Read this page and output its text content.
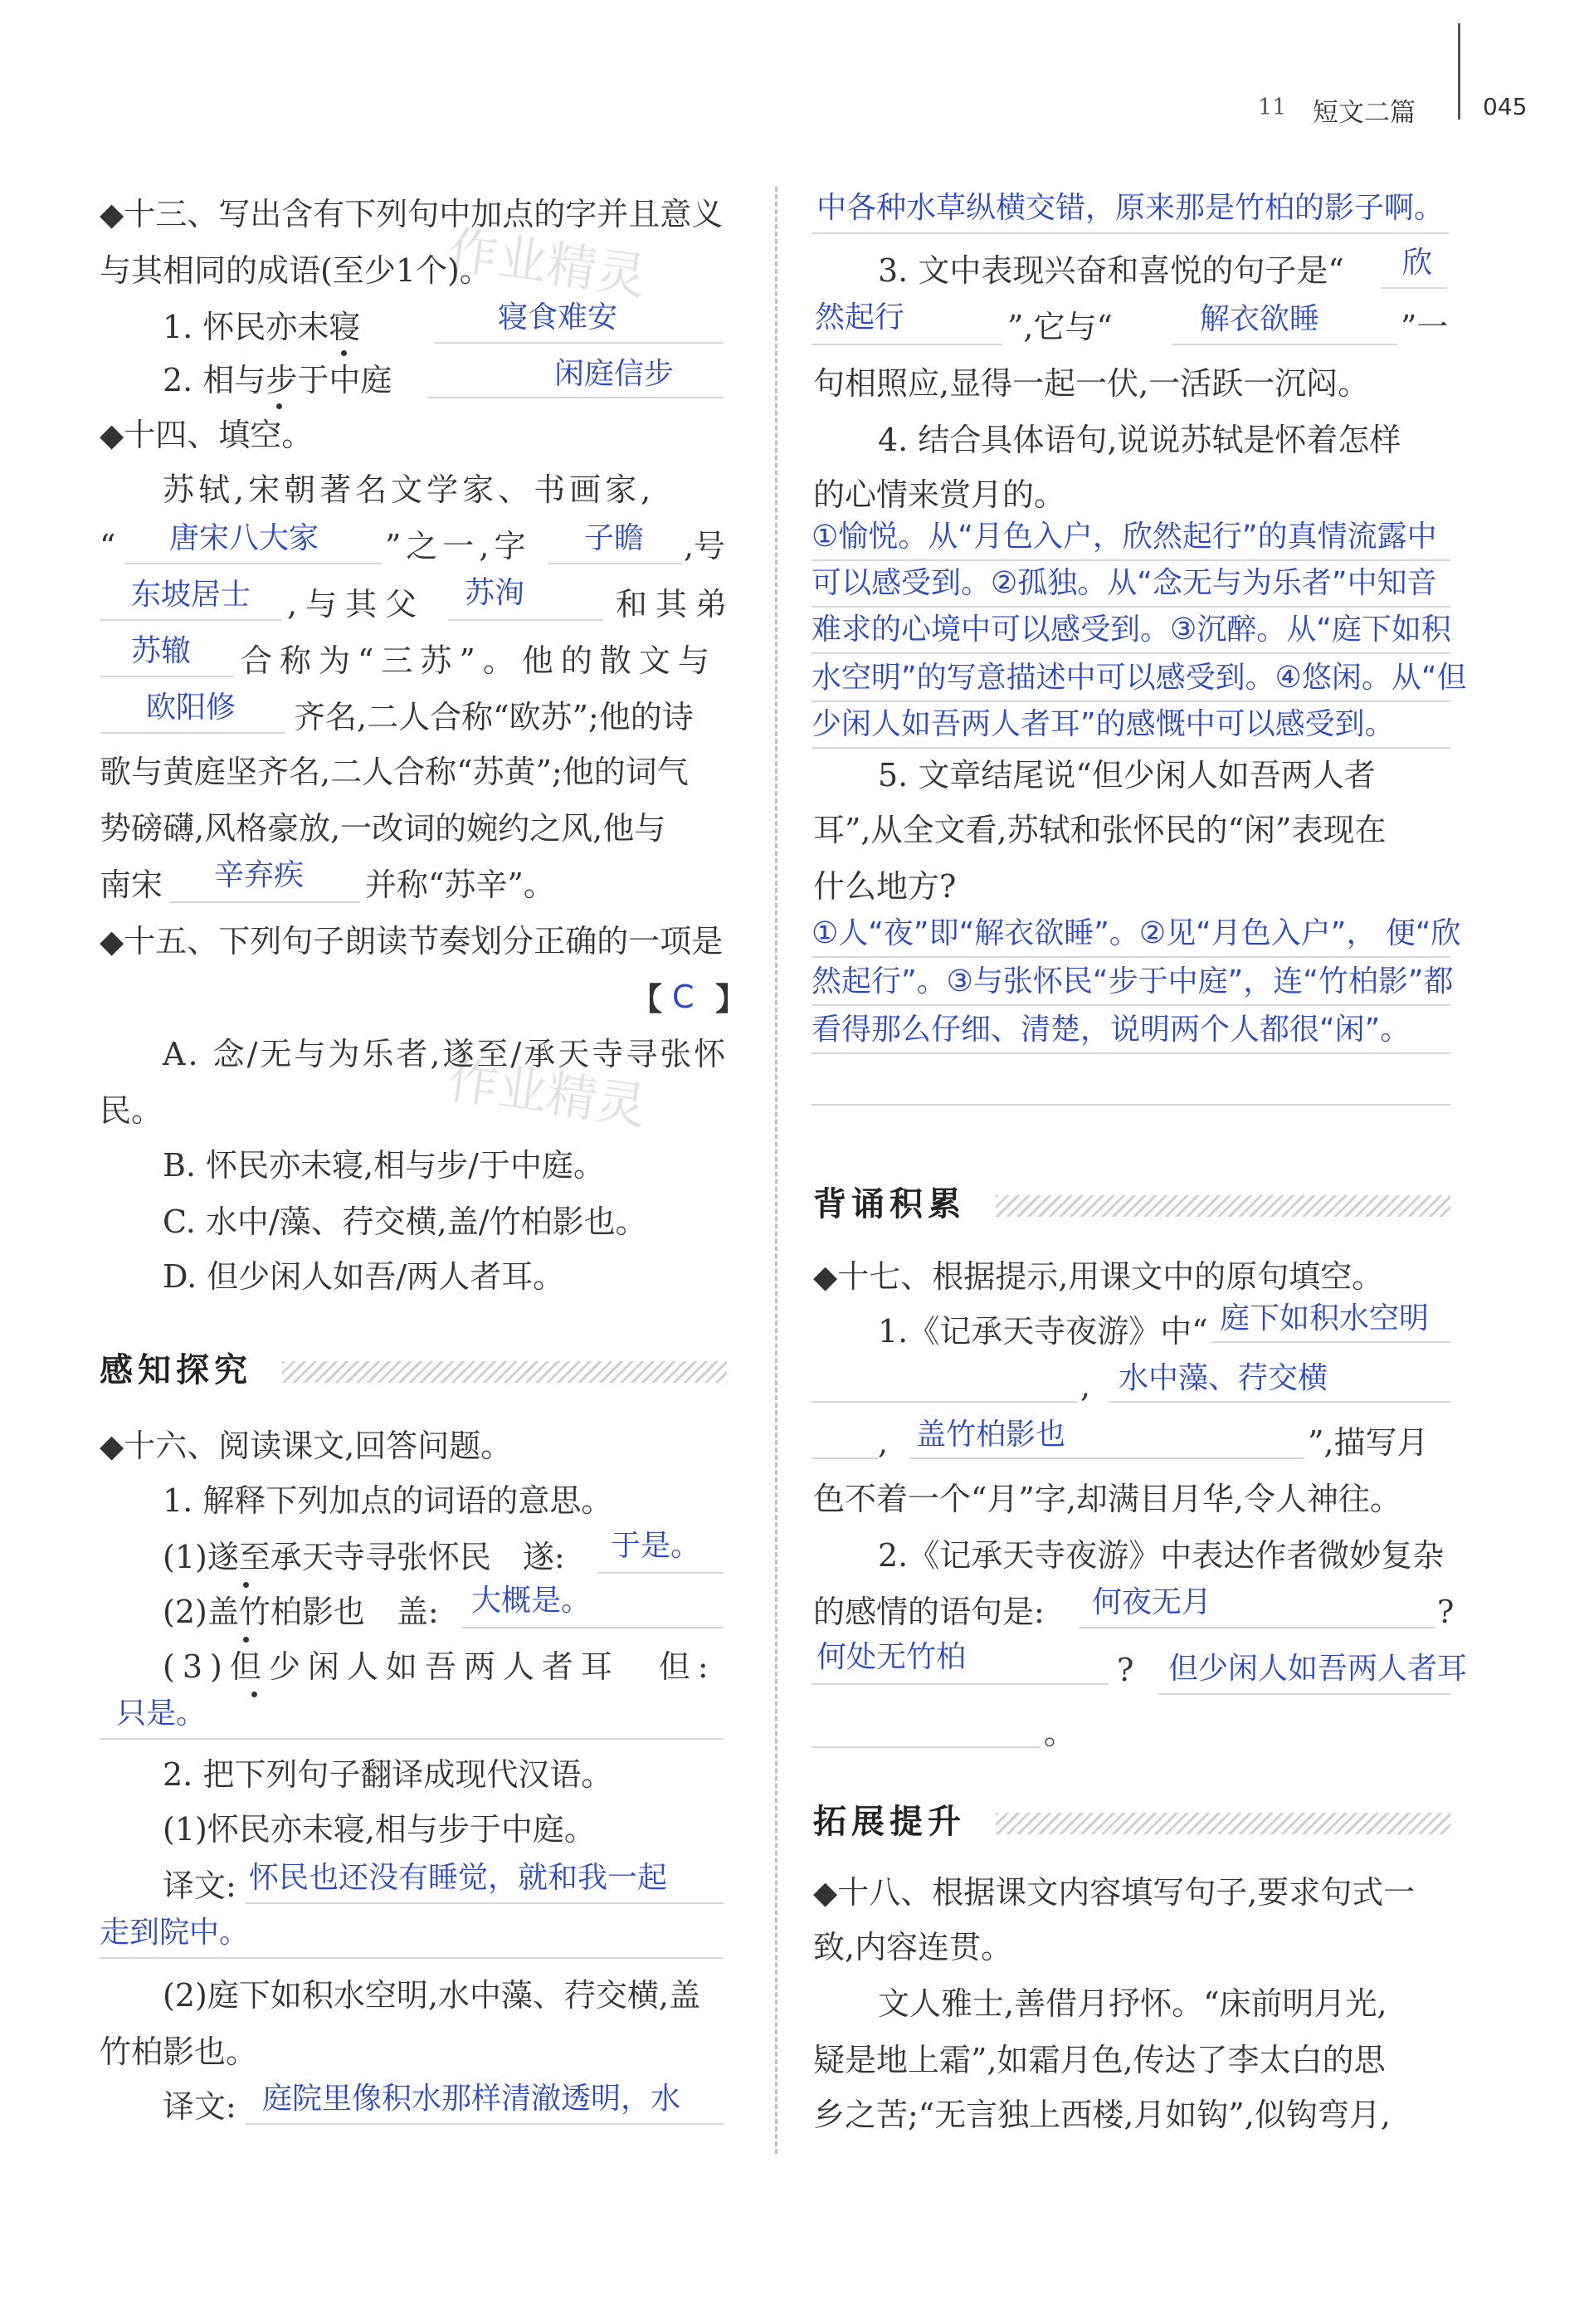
11 短文二篇	045
作业精灵
作业精灵
◆十三、写出含有下列句中加点的字并且意义
与其相同的成语(至少1个)。
1. 怀民亦未寝	寝食难安
2. 相与步于中庭	闲庭信步
◆十四、填空。
苏轼,宋朝著名文学家、书画家,
“ 唐宋八大家 ”之一,字 子瞻 ,号
东坡居士 ,与其父 苏洵	和其弟
苏辙 合称为“三苏”。他的散文与
欧阳修 齐名,二人合称“欧苏”;他的诗
歌与黄庭坚齐名,二人合称“苏黄”;他的词气
势磅礴,风格豪放,一改词的婉约之风,他与
南宋 辛弃疾 并称“苏辛”。
◆十五、下列句子朗读节奏划分正确的一项是
【 C 】
A. 念/无与为乐者,遂至/承天寺寻张怀
民。
B. 怀民亦未寝,相与步/于中庭。
C. 水中/藻、荇交横,盖/竹柏影也。
D. 但少闲人如吾/两人者耳。
感知探究
◆十六、阅读课文,回答问题。
1. 解释下列加点的词语的意思。
(1)遂至承天寺寻张怀民　遂: 于是。
(2)盖竹柏影也　盖: 大概是。
(3)但少闲人如吾两人者耳　但:
只是。
2. 把下列句子翻译成现代汉语。
(1)怀民亦未寝,相与步于中庭。
译文: 怀民也还没有睡觉，就和我一起
走到院中。
(2)庭下如积水空明,水中藻、荇交横,盖
竹柏影也。
译文: 庭院里像积水那样清澈透明，水
中各种水草纵横交错，原来那是竹柏的影子啊。
3. 文中表现兴奋和喜悦的句子是“ 欣
然起行	”,它与“	解衣欲睡	”一
句相照应,显得一起一伏,一活跃一沉闷。
4. 结合具体语句,说说苏轼是怀着怎样
的心情来赏月的。
①愉悦。从“月色入户，欣然起行”的真情流露中
可以感受到。②孤独。从“念无与为乐者”中知音
难求的心境中可以感受到。③沉醉。从“庭下如积
水空明”的写意描述中可以感受到。④悠闲。从“但
少闲人如吾两人者耳”的感慨中可以感受到。
5. 文章结尾说“但少闲人如吾两人者
耳”,从全文看,苏轼和张怀民的“闲”表现在
什么地方?
①人“夜”即“解衣欲睡”。②见“月色入户”， 便“欣
然起行”。③与张怀民“步于中庭”，连“竹柏影”都
看得那么仔细、清楚，说明两个人都很“闲”。
背诵积累
◆十七、根据提示,用课文中的原句填空。
1.《记承天寺夜游》中“ 庭下如积水空明
, 水中藻、荇交横
, 盖竹柏影也	”,描写月
色不着一个“月”字,却满目月华,令人神往。
2.《记承天寺夜游》中表达作者微妙复杂
的感情的语句是: 何夜无月	?
何处无竹柏	? 但少闲人如吾两人者耳
。
拓展提升
◆十八、根据课文内容填写句子,要求句式一
致,内容连贯。
文人雅士,善借月抒怀。“床前明月光,
疑是地上霜”,如霜月色,传达了李太白的思
乡之苦;“无言独上西楼,月如钩”,似钩弯月,
